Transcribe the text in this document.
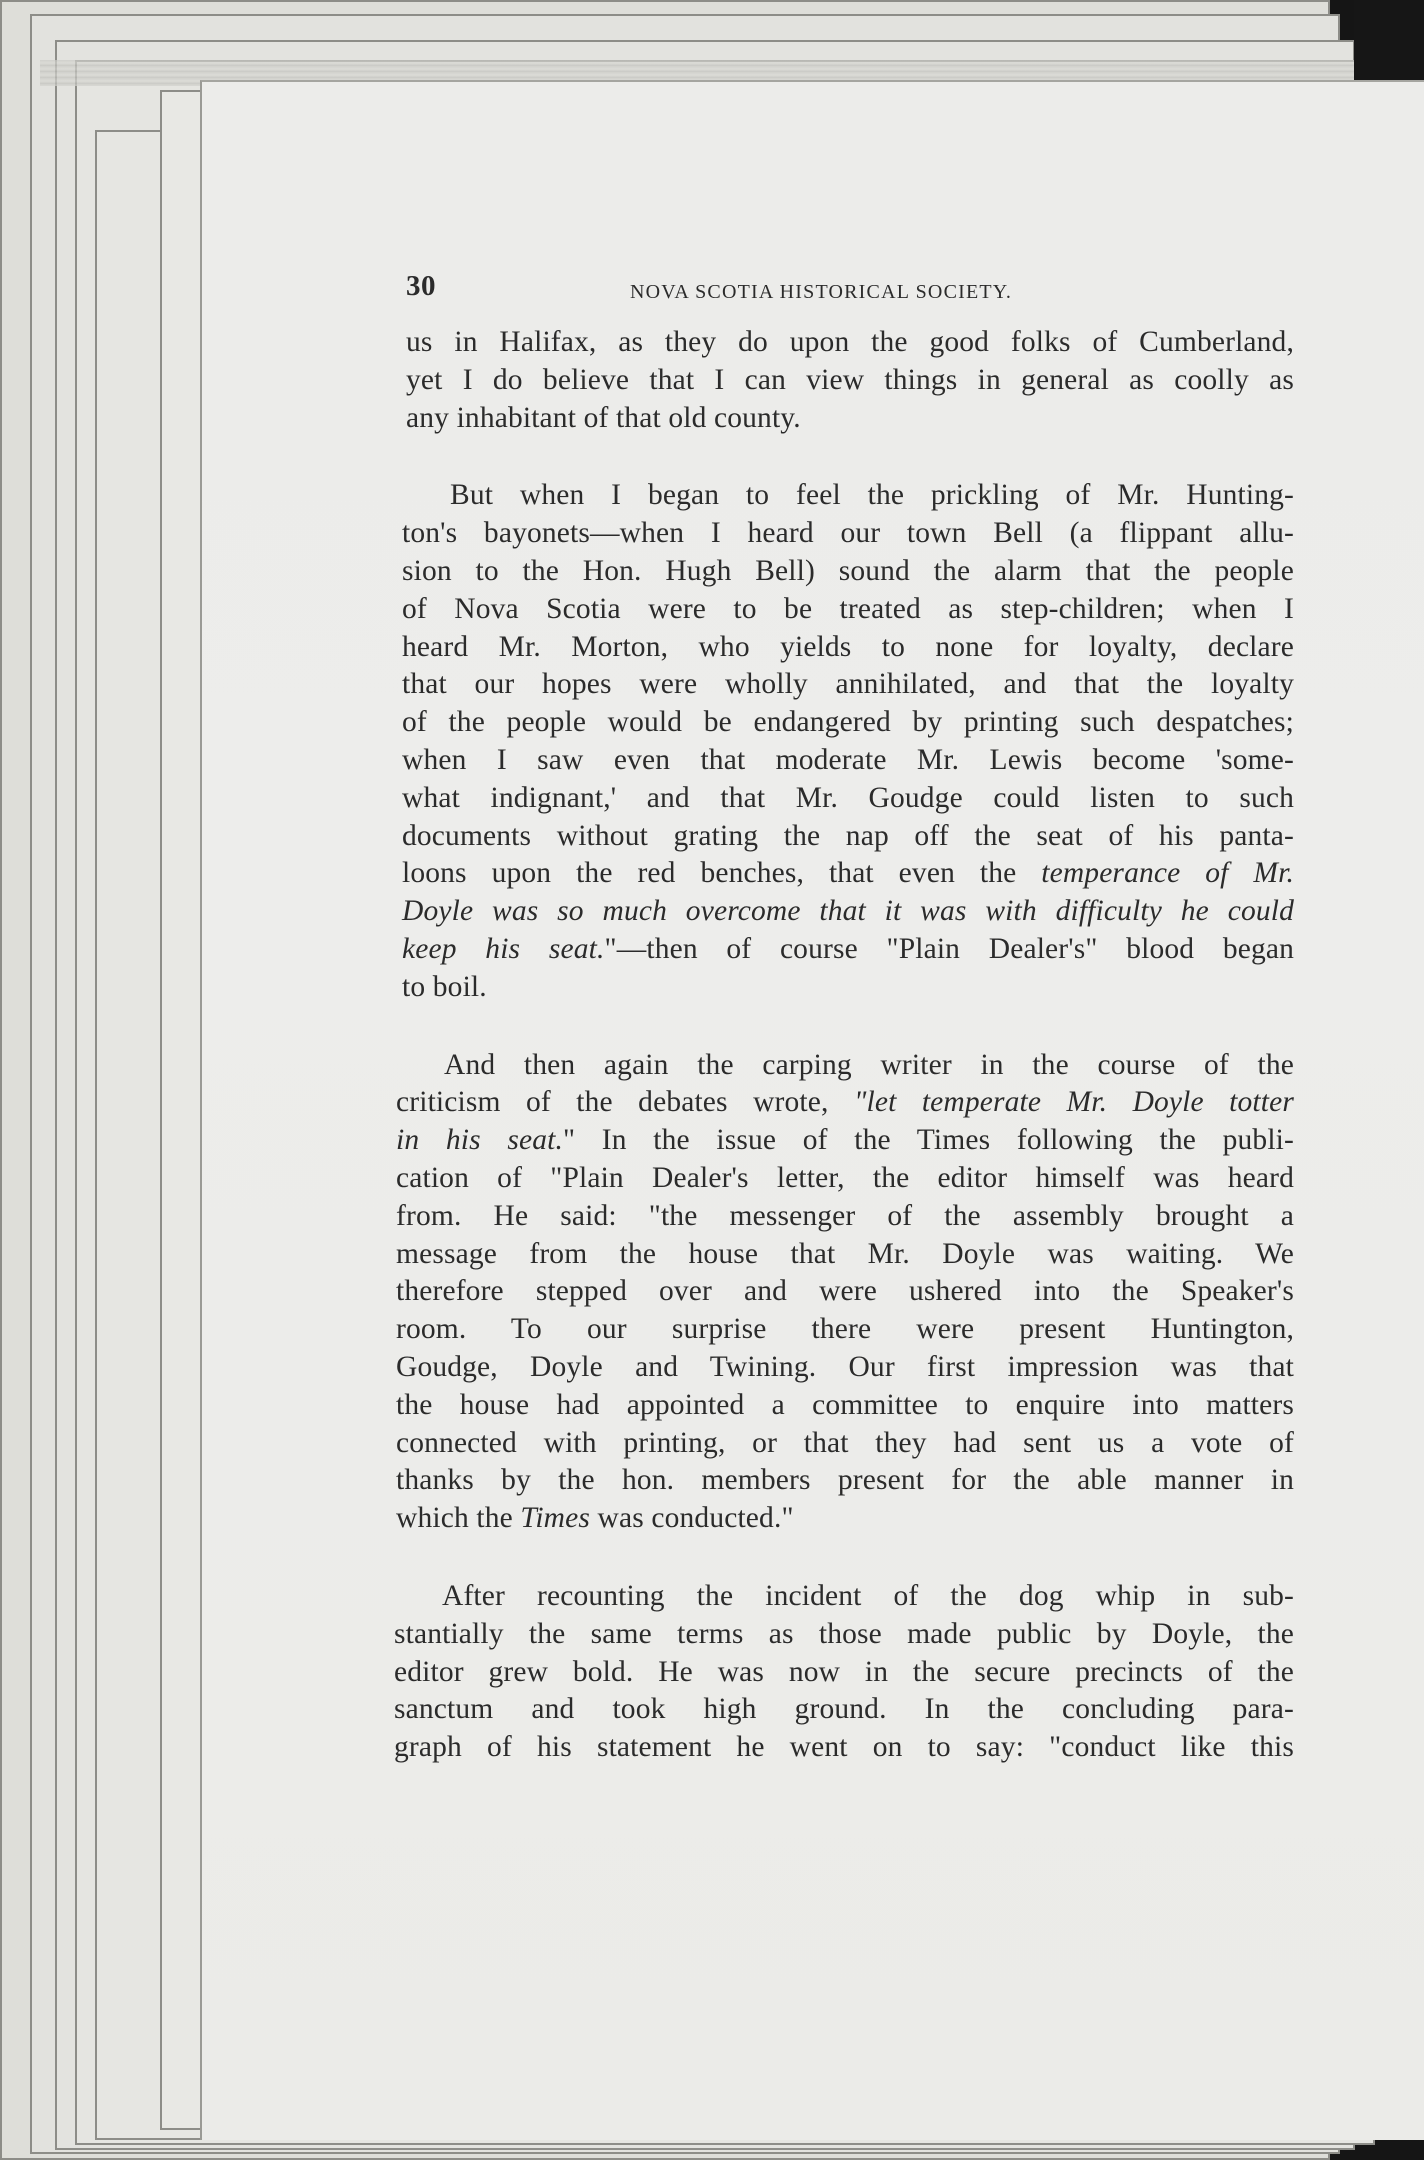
30	NOVA SCOTIA HISTORICAL SOCIETY.
us in Halifax, as they do upon the good folks of Cumberland,
yet I do believe that I can view things in general as coolly as
any inhabitant of that old county.
But when I began to feel the prickling of Mr. Hunting-
ton's bayonets—when I heard our town Bell (a flippant allu-
sion to the Hon. Hugh Bell) sound the alarm that the people
of Nova Scotia were to be treated as step-children; when I
heard Mr. Morton, who yields to none for loyalty, declare
that our hopes were wholly annihilated, and that the loyalty
of the people would be endangered by printing such despatches;
when I saw even that moderate Mr. Lewis become 'some-
what indignant,' and that Mr. Goudge could listen to such
documents without grating the nap off the seat of his panta-
loons upon the red benches, that even the temperance of Mr.
Doyle was so much overcome that it was with difficulty he could
keep his seat."—then of course "Plain Dealer's" blood began
to boil.
And then again the carping writer in the course of the
criticism of the debates wrote, "let temperate Mr. Doyle totter
in his seat." In the issue of the Times following the publi-
cation of "Plain Dealer's letter, the editor himself was heard
from. He said: "the messenger of the assembly brought a
message from the house that Mr. Doyle was waiting. We
therefore stepped over and were ushered into the Speaker's
room. To our surprise there were present Huntington,
Goudge, Doyle and Twining. Our first impression was that
the house had appointed a committee to enquire into matters
connected with printing, or that they had sent us a vote of
thanks by the hon. members present for the able manner in
which the Times was conducted."
After recounting the incident of the dog whip in sub-
stantially the same terms as those made public by Doyle, the
editor grew bold. He was now in the secure precincts of the
sanctum and took high ground. In the concluding para-
graph of his statement he went on to say: "conduct like this
